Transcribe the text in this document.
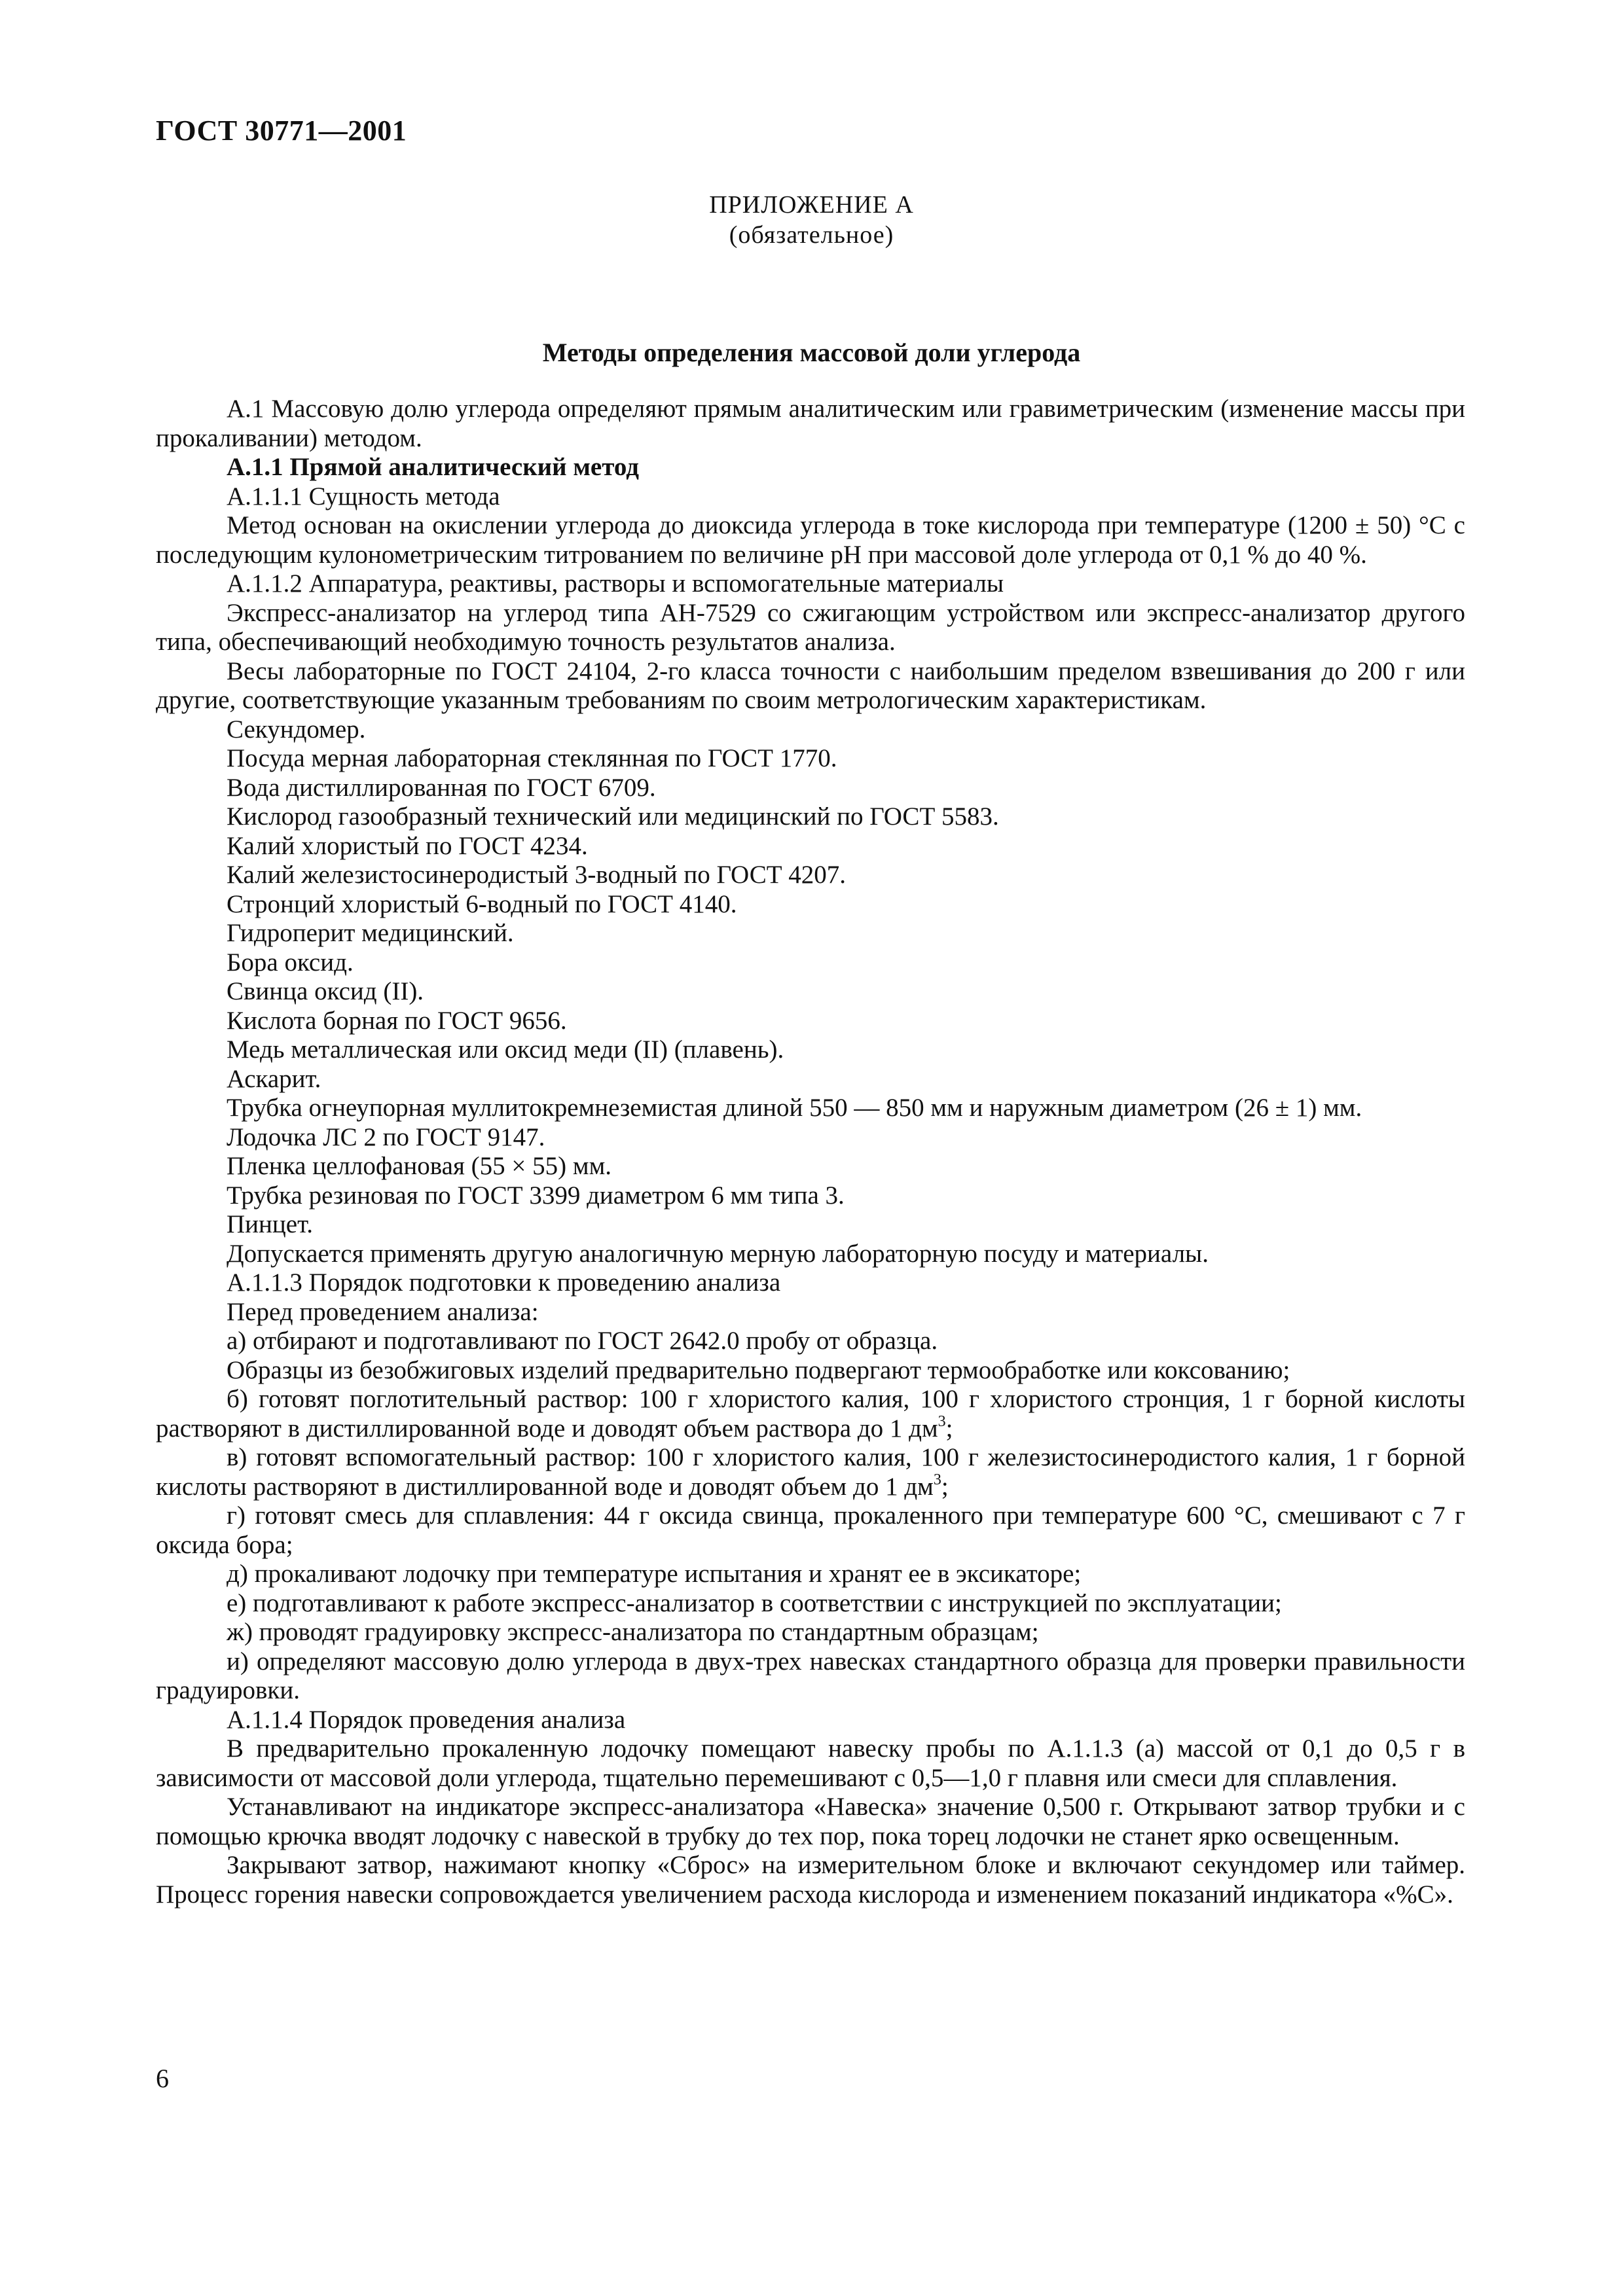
ГОСТ 30771—2001
ПРИЛОЖЕНИЕ А
(обязательное)
Методы определения массовой доли углерода

А.1 Массовую долю углерода определяют прямым аналитическим или гравиметрическим (изменение массы при прокаливании) методом.

А.1.1 Прямой аналитический метод

А.1.1.1 Сущность метода

Метод основан на окислении углерода до диоксида углерода в токе кислорода при температуре (1200 ± 50) °С с последующим кулонометрическим титрованием по величине pH при массовой доле углерода от 0,1 % до 40 %.

А.1.1.2 Аппаратура, реактивы, растворы и вспомогательные материалы

Экспресс-анализатор на углерод типа АН-7529 со сжигающим устройством или экспресс-анализатор другого типа, обеспечивающий необходимую точность результатов анализа.

Весы лабораторные по ГОСТ 24104, 2-го класса точности с наибольшим пределом взвешивания до 200 г или другие, соответствующие указанным требованиям по своим метрологическим характеристикам.

Секундомер.

Посуда мерная лабораторная стеклянная по ГОСТ 1770.

Вода дистиллированная по ГОСТ 6709.

Кислород газообразный технический или медицинский по ГОСТ 5583.

Калий хлористый по ГОСТ 4234.

Калий железистосинеродистый 3-водный по ГОСТ 4207.

Стронций хлористый 6-водный по ГОСТ 4140.

Гидроперит медицинский.

Бора оксид.

Свинца оксид (II).

Кислота борная по ГОСТ 9656.

Медь металлическая или оксид меди (II) (плавень).

Аскарит.

Трубка огнеупорная муллитокремнеземистая длиной 550 — 850 мм и наружным диаметром (26 ± 1) мм.

Лодочка ЛС 2 по ГОСТ 9147.

Пленка целлофановая (55 × 55) мм.

Трубка резиновая по ГОСТ 3399 диаметром 6 мм типа 3.

Пинцет.

Допускается применять другую аналогичную мерную лабораторную посуду и материалы.

А.1.1.3 Порядок подготовки к проведению анализа

Перед проведением анализа:

а) отбирают и подготавливают по ГОСТ 2642.0 пробу от образца.

Образцы из безобжиговых изделий предварительно подвергают термообработке или коксованию;

б) готовят поглотительный раствор: 100 г хлористого калия, 100 г хлористого стронция, 1 г борной кислоты растворяют в дистиллированной воде и доводят объем раствора до 1 $дм^3$;

в) готовят вспомогательный раствор: 100 г хлористого калия, 100 г железистосинеродистого калия, 1 г борной кислоты растворяют в дистиллированной воде и доводят объем до 1 $дм^3$;

г) готовят смесь для сплавления: 44 г оксида свинца, прокаленного при температуре 600 °С, смешивают с 7 г оксида бора;

д) прокаливают лодочку при температуре испытания и хранят ее в эксикаторе;

е) подготавливают к работе экспресс-анализатор в соответствии с инструкцией по эксплуатации;

ж) проводят градуировку экспресс-анализатора по стандартным образцам;

и) определяют массовую долю углерода в двух-трех навесках стандартного образца для проверки правильности градуировки.

А.1.1.4 Порядок проведения анализа

В предварительно прокаленную лодочку помещают навеску пробы по А.1.1.3 (а) массой от 0,1 до 0,5 г в зависимости от массовой доли углерода, тщательно перемешивают с 0,5—1,0 г плавня или смеси для сплавления.

Устанавливают на индикаторе экспресс-анализатора «Навеска» значение 0,500 г. Открывают затвор трубки и с помощью крючка вводят лодочку с навеской в трубку до тех пор, пока торец лодочки не станет ярко освещенным.

Закрывают затвор, нажимают кнопку «Сброс» на измерительном блоке и включают секундомер или таймер. Процесс горения навески сопровождается увеличением расхода кислорода и изменением показаний индикатора «%С».

6
